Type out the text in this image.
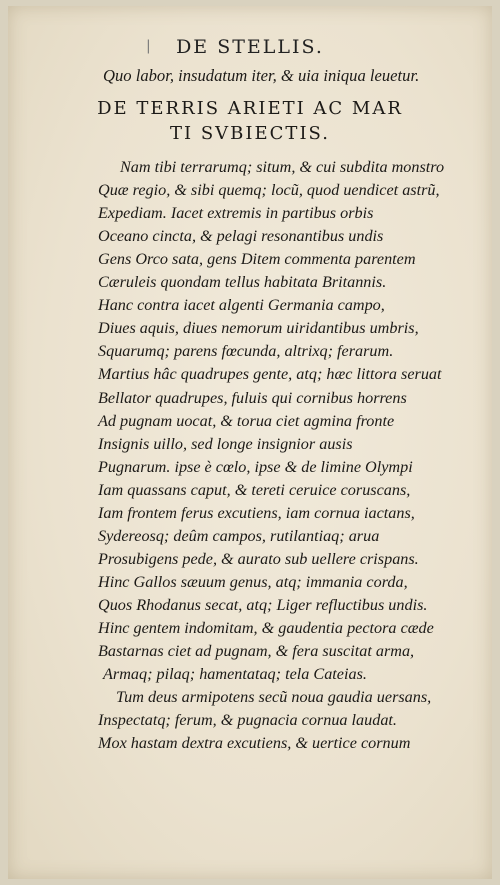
| DE STELLIS.
Quo labor, insudatum iter, & uia iniqua leuetur.
DE TERRIS ARIETI AC MAR
TI SVBIECTIS.
Nam tibi terrarumq; situm, & cui subdita monstro
Quæ regio, & sibi quemq; locũ, quod uendicet astrũ,
Expediam. Iacet extremis in partibus orbis
Oceano cincta, & pelagi resonantibus undis
Gens Orco sata, gens Ditem commenta parentem
Cæruleis quondam tellus habitata Britannis.
Hanc contra iacet algenti Germania campo,
Diues aquis, diues nemorum uiridantibus umbris,
Squarumq; parens fœcunda, altrixq; ferarum.
Martius hâc quadrupes gente, atq; hæc littora seruat
Bellator quadrupes, fuluis qui cornibus horrens
Ad pugnam uocat, & torua ciet agmina fronte
Insignis uillo, sed longe insignior ausis
Pugnarum. ipse è cœlo, ipse & de limine Olympi
Iam quassans caput, & tereti ceruice coruscans,
Iam frontem ferus excutiens, iam cornua iactans,
Sydereosq; deûm campos, rutilantiaq; arua
Prosubigens pede, & aurato sub uellere crispans.
Hinc Gallos sæuum genus, atq; immania corda,
Quos Rhodanus secat, atq; Liger refluctibus undis.
Hinc gentem indomitam, & gaudentia pectora cæde
Bastarnas ciet ad pugnam, & fera suscitat arma,
Armaq; pilaq; hamentataq; tela Cateias.
Tum deus armipotens secũ noua gaudia uersans,
Inspectatq; ferum, & pugnacia cornua laudat.
Mox hastam dextra excutiens, & uertice cornum
